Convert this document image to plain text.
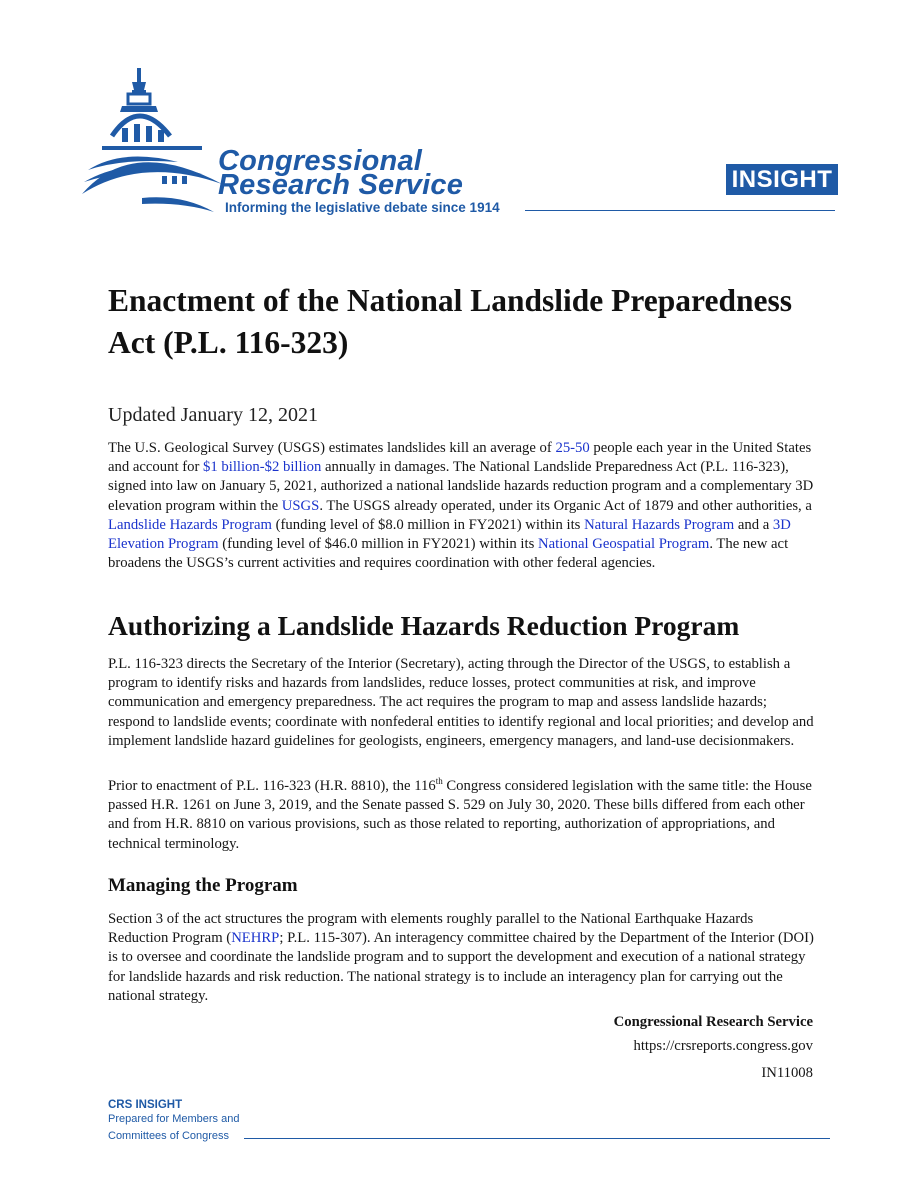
Congressional
Research Service
Informing the legislative debate since 1914
INSIGHT
Enactment of the National Landslide Preparedness Act (P.L. 116-323)
Updated January 12, 2021

The U.S. Geological Survey (USGS) estimates landslides kill an average of 25-50 people each year in the United States and account for $1 billion-$2 billion annually in damages. The National Landslide Preparedness Act (P.L. 116-323), signed into law on January 5, 2021, authorized a national landslide hazards reduction program and a complementary 3D elevation program within the USGS. The USGS already operated, under its Organic Act of 1879 and other authorities, a Landslide Hazards Program (funding level of $8.0 million in FY2021) within its Natural Hazards Program and a 3D Elevation Program (funding level of $46.0 million in FY2021) within its National Geospatial Program. The new act broadens the USGS’s current activities and requires coordination with other federal agencies.

Authorizing a Landslide Hazards Reduction Program

P.L. 116-323 directs the Secretary of the Interior (Secretary), acting through the Director of the USGS, to establish a program to identify risks and hazards from landslides, reduce losses, protect communities at risk, and improve communication and emergency preparedness. The act requires the program to map and assess landslide hazards; respond to landslide events; coordinate with nonfederal entities to identify regional and local priorities; and develop and implement landslide hazard guidelines for geologists, engineers, emergency managers, and land-use decisionmakers.

Prior to enactment of P.L. 116-323 (H.R. 8810), the 116th Congress considered legislation with the same title: the House passed H.R. 1261 on June 3, 2019, and the Senate passed S. 529 on July 30, 2020. These bills differed from each other and from H.R. 8810 on various provisions, such as those related to reporting, authorization of appropriations, and technical terminology.

Managing the Program

Section 3 of the act structures the program with elements roughly parallel to the National Earthquake Hazards Reduction Program (NEHRP; P.L. 115-307). An interagency committee chaired by the Department of the Interior (DOI) is to oversee and coordinate the landslide program and to support the development and execution of a national strategy for landslide hazards and risk reduction. The national strategy is to include an interagency plan for carrying out the national strategy.

Congressional Research Service
https://crsreports.congress.gov
IN11008
CRS INSIGHT
Prepared for Members and
Committees of Congress
